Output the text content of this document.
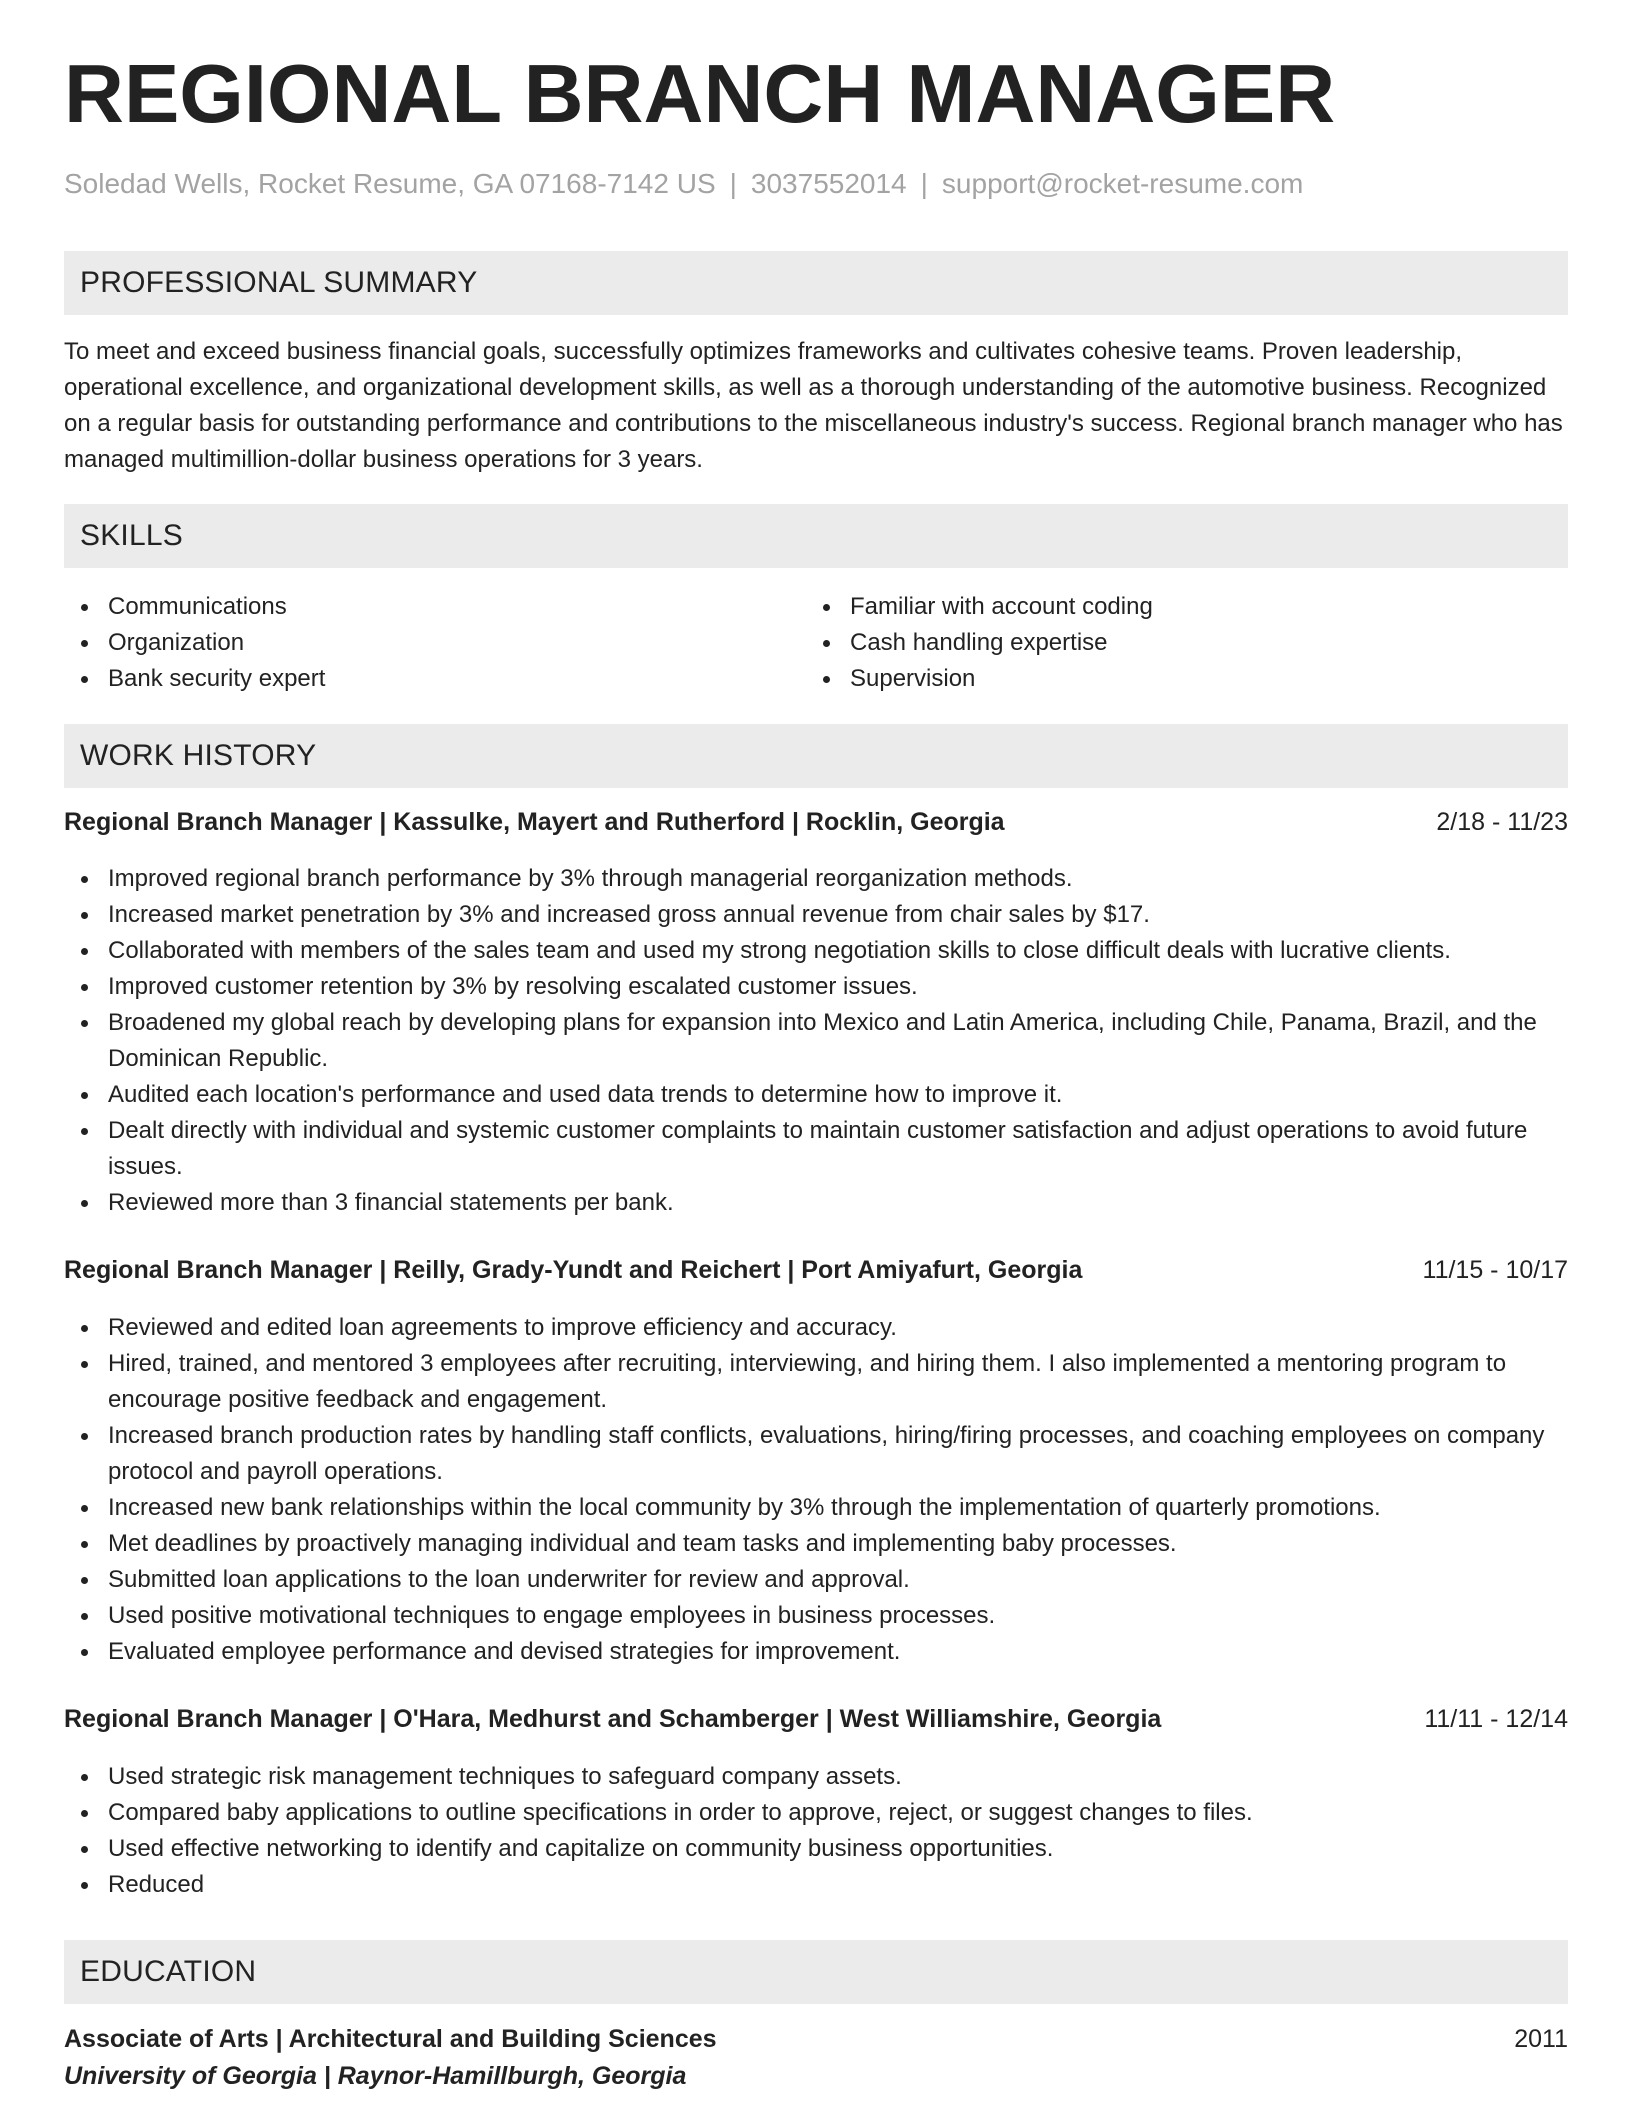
REGIONAL BRANCH MANAGER
Soledad Wells, Rocket Resume, GA 07168-7142 US | 3037552014 | support@rocket-resume.com
PROFESSIONAL SUMMARY

To meet and exceed business financial goals, successfully optimizes frameworks and cultivates cohesive teams. Proven leadership, operational excellence, and organizational development skills, as well as a thorough understanding of the automotive business. Recognized on a regular basis for outstanding performance and contributions to the miscellaneous industry's success. Regional branch manager who has managed multimillion-dollar business operations for 3 years.

SKILLS
Communications
Organization
Bank security expert
Familiar with account coding
Cash handling expertise
Supervision
WORK HISTORY
Regional Branch Manager | Kassulke, Mayert and Rutherford | Rocklin, Georgia	2/18 - 11/23
Improved regional branch performance by 3% through managerial reorganization methods.
Increased market penetration by 3% and increased gross annual revenue from chair sales by $17.
Collaborated with members of the sales team and used my strong negotiation skills to close difficult deals with lucrative clients.
Improved customer retention by 3% by resolving escalated customer issues.
Broadened my global reach by developing plans for expansion into Mexico and Latin America, including Chile, Panama, Brazil, and the Dominican Republic.
Audited each location's performance and used data trends to determine how to improve it.
Dealt directly with individual and systemic customer complaints to maintain customer satisfaction and adjust operations to avoid future issues.
Reviewed more than 3 financial statements per bank.
Regional Branch Manager | Reilly, Grady-Yundt and Reichert | Port Amiyafurt, Georgia	11/15 - 10/17
Reviewed and edited loan agreements to improve efficiency and accuracy.
Hired, trained, and mentored 3 employees after recruiting, interviewing, and hiring them. I also implemented a mentoring program to encourage positive feedback and engagement.
Increased branch production rates by handling staff conflicts, evaluations, hiring/firing processes, and coaching employees on company protocol and payroll operations.
Increased new bank relationships within the local community by 3% through the implementation of quarterly promotions.
Met deadlines by proactively managing individual and team tasks and implementing baby processes.
Submitted loan applications to the loan underwriter for review and approval.
Used positive motivational techniques to engage employees in business processes.
Evaluated employee performance and devised strategies for improvement.
Regional Branch Manager | O'Hara, Medhurst and Schamberger | West Williamshire, Georgia	11/11 - 12/14
Used strategic risk management techniques to safeguard company assets.
Compared baby applications to outline specifications in order to approve, reject, or suggest changes to files.
Used effective networking to identify and capitalize on community business opportunities.
Reduced
EDUCATION
Associate of Arts | Architectural and Building Sciences	2011
University of Georgia | Raynor-Hamillburgh, Georgia
